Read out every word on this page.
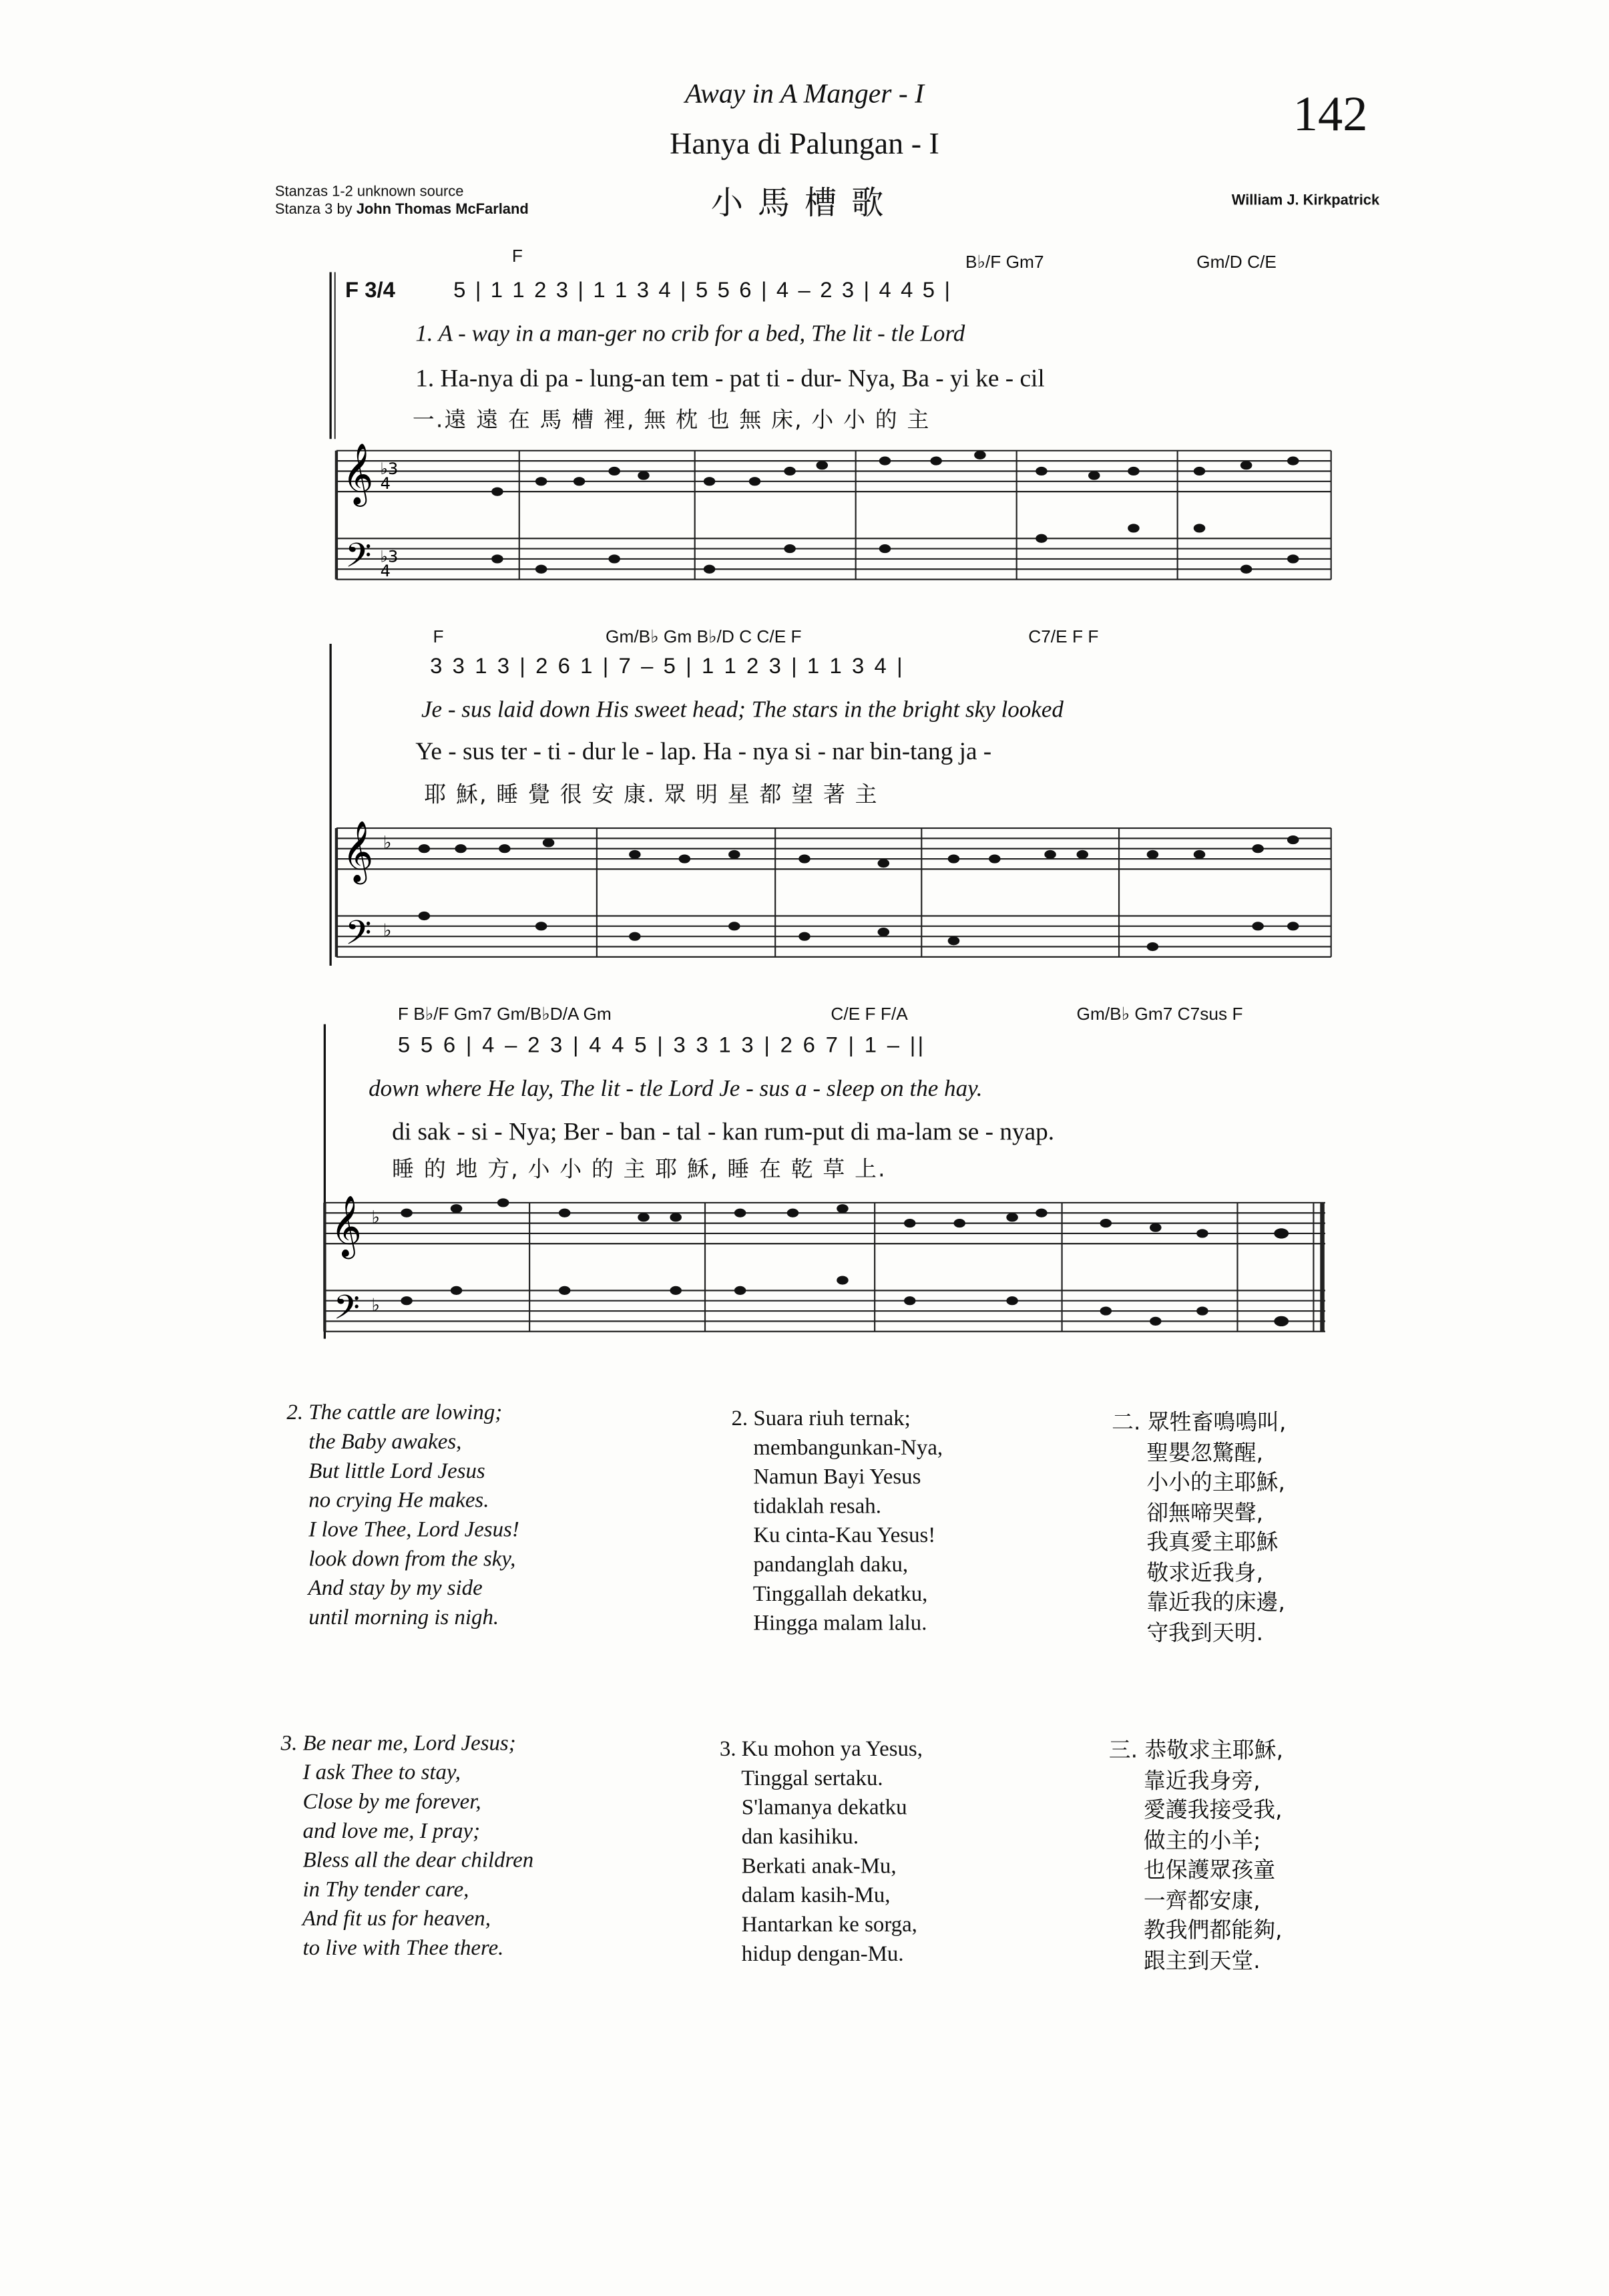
Away in A Manger - I
Hanya di Palungan - I
小馬槽歌
142
Stanzas 1-2 unknown source
Stanza 3 by John Thomas McFarland
William J. Kirkpatrick
F	B♭/F Gm7	Gm/D C/E
F 3/4	5 | 1 1 2 3 | 1 1 3 4 | 5 5 6 | 4 – 2 3 | 4 4 5 |
1. A - way in a man-ger no crib for a bed, The lit - tle Lord
1. Ha-nya di pa - lung-an tem - pat ti - dur- Nya, Ba - yi ke - cil
一.遠 遠 在 馬 槽 裡, 無 枕 也 無 床, 小 小 的 主
𝄞
𝄢
♭3
4
♭3
4
F	Gm/B♭ Gm B♭/D C C/E F	C7/E F F
3 3 1 3 | 2 6 1 | 7 – 5 | 1 1 2 3 | 1 1 3 4 |
Je - sus laid down His sweet head; The stars in the bright sky looked
Ye - sus ter - ti - dur le - lap. Ha - nya si - nar bin-tang ja -
耶 穌, 睡 覺 很 安 康. 眾 明 星 都 望 著 主
𝄞
𝄢
♭
♭
F B♭/F Gm7 Gm/B♭D/A Gm	C/E F F/A	Gm/B♭ Gm7 C7sus F
5 5 6 | 4 – 2 3 | 4 4 5 | 3 3 1 3 | 2 6 7 | 1 – ||
down where He lay, The lit - tle Lord Je - sus a - sleep on the hay.
di sak - si - Nya; Ber - ban - tal - kan rum-put di ma-lam se - nyap.
睡 的 地 方, 小 小 的 主 耶 穌, 睡 在 乾 草 上.
𝄞
𝄢
♭
♭
2. The cattle are lowing;
the Baby awakes,
But little Lord Jesus
no crying He makes.
I love Thee, Lord Jesus!
look down from the sky,
And stay by my side
until morning is nigh.
2. Suara riuh ternak;
membangunkan-Nya,
Namun Bayi Yesus
tidaklah resah.
Ku cinta-Kau Yesus!
pandanglah daku,
Tinggallah dekatku,
Hingga malam lalu.
二. 眾牲畜鳴鳴叫,
聖嬰忽驚醒,
小小的主耶穌,
卻無啼哭聲,
我真愛主耶穌
敬求近我身,
靠近我的床邊,
守我到天明.
3. Be near me, Lord Jesus;
I ask Thee to stay,
Close by me forever,
and love me, I pray;
Bless all the dear children
in Thy tender care,
And fit us for heaven,
to live with Thee there.
3. Ku mohon ya Yesus,
Tinggal sertaku.
S'lamanya dekatku
dan kasihiku.
Berkati anak-Mu,
dalam kasih-Mu,
Hantarkan ke sorga,
hidup dengan-Mu.
三. 恭敬求主耶穌,
靠近我身旁,
愛護我接受我,
做主的小羊;
也保護眾孩童
一齊都安康,
教我們都能夠,
跟主到天堂.
